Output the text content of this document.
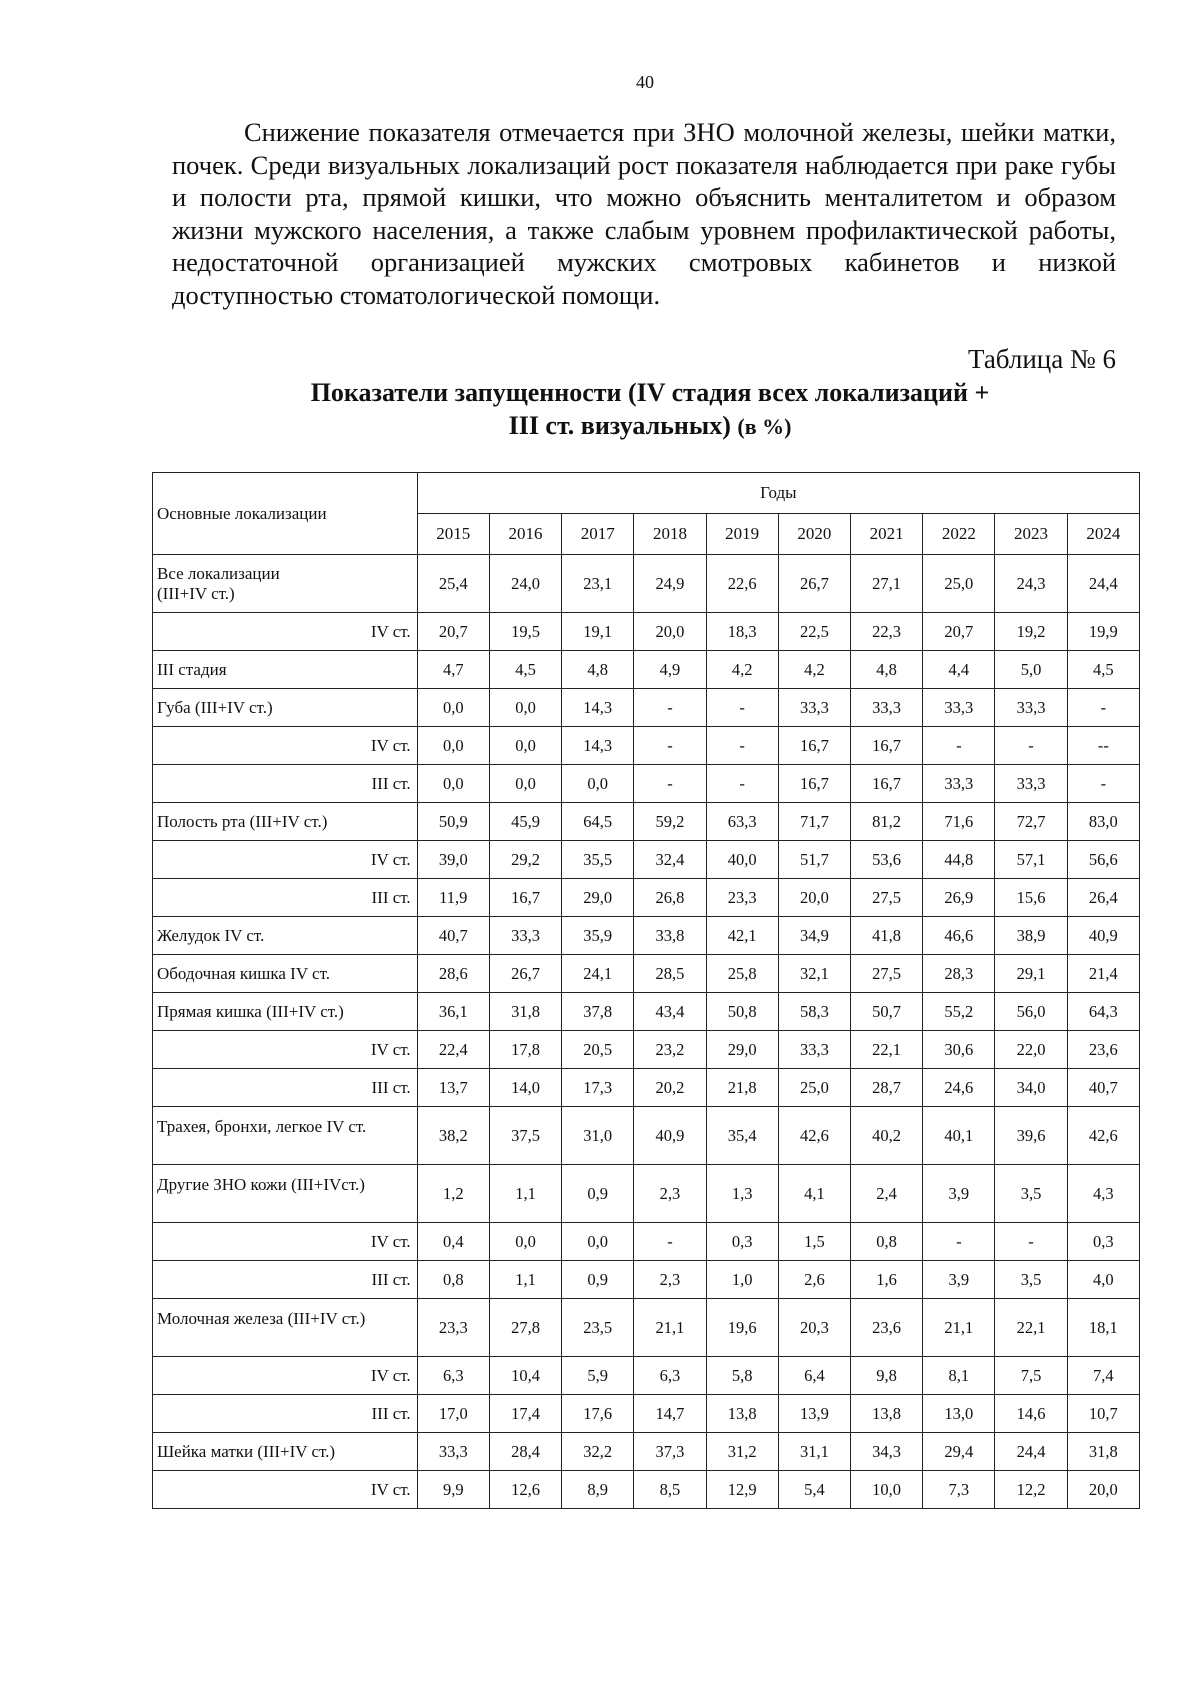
40

Снижение показателя отмечается при ЗНО молочной железы, шейки матки, почек. Среди визуальных локализаций рост показателя наблюдается при раке губы и полости рта, прямой кишки, что можно объяснить менталитетом и образом жизни мужского населения, а также слабым уровнем профилактической работы, недостаточной организацией мужских смотровых кабинетов и низкой доступностью стоматологической помощи.

Таблица № 6
Показатели запущенности (IV стадия всех локализаций +
III ст. визуальных) (в %)
Основные локализации	Годы									
	2015	2016	2017	2018	2019	2020	2021	2022	2023	2024
Все локализации
(III+IV ст.)	25,4	24,0	23,1	24,9	22,6	26,7	27,1	25,0	24,3	24,4
IV ст.	20,7	19,5	19,1	20,0	18,3	22,5	22,3	20,7	19,2	19,9
III стадия	4,7	4,5	4,8	4,9	4,2	4,2	4,8	4,4	5,0	4,5
Губа (III+IV ст.)	0,0	0,0	14,3	-	-	33,3	33,3	33,3	33,3	-
IV ст.	0,0	0,0	14,3	-	-	16,7	16,7	-	-	--
III ст.	0,0	0,0	0,0	-	-	16,7	16,7	33,3	33,3	-
Полость рта (III+IV ст.)	50,9	45,9	64,5	59,2	63,3	71,7	81,2	71,6	72,7	83,0
IV ст.	39,0	29,2	35,5	32,4	40,0	51,7	53,6	44,8	57,1	56,6
III ст.	11,9	16,7	29,0	26,8	23,3	20,0	27,5	26,9	15,6	26,4
Желудок IV ст.	40,7	33,3	35,9	33,8	42,1	34,9	41,8	46,6	38,9	40,9
Ободочная кишка IV ст.	28,6	26,7	24,1	28,5	25,8	32,1	27,5	28,3	29,1	21,4
Прямая кишка (III+IV ст.)	36,1	31,8	37,8	43,4	50,8	58,3	50,7	55,2	56,0	64,3
IV ст.	22,4	17,8	20,5	23,2	29,0	33,3	22,1	30,6	22,0	23,6
III ст.	13,7	14,0	17,3	20,2	21,8	25,0	28,7	24,6	34,0	40,7
Трахея, бронхи, легкое IV ст.	38,2	37,5	31,0	40,9	35,4	42,6	40,2	40,1	39,6	42,6
Другие ЗНО кожи (III+IVст.)	1,2	1,1	0,9	2,3	1,3	4,1	2,4	3,9	3,5	4,3
IV ст.	0,4	0,0	0,0	-	0,3	1,5	0,8	-	-	0,3
III ст.	0,8	1,1	0,9	2,3	1,0	2,6	1,6	3,9	3,5	4,0
Молочная железа (III+IV ст.)	23,3	27,8	23,5	21,1	19,6	20,3	23,6	21,1	22,1	18,1
IV ст.	6,3	10,4	5,9	6,3	5,8	6,4	9,8	8,1	7,5	7,4
III ст.	17,0	17,4	17,6	14,7	13,8	13,9	13,8	13,0	14,6	10,7
Шейка матки (III+IV ст.)	33,3	28,4	32,2	37,3	31,2	31,1	34,3	29,4	24,4	31,8
IV ст.	9,9	12,6	8,9	8,5	12,9	5,4	10,0	7,3	12,2	20,0
